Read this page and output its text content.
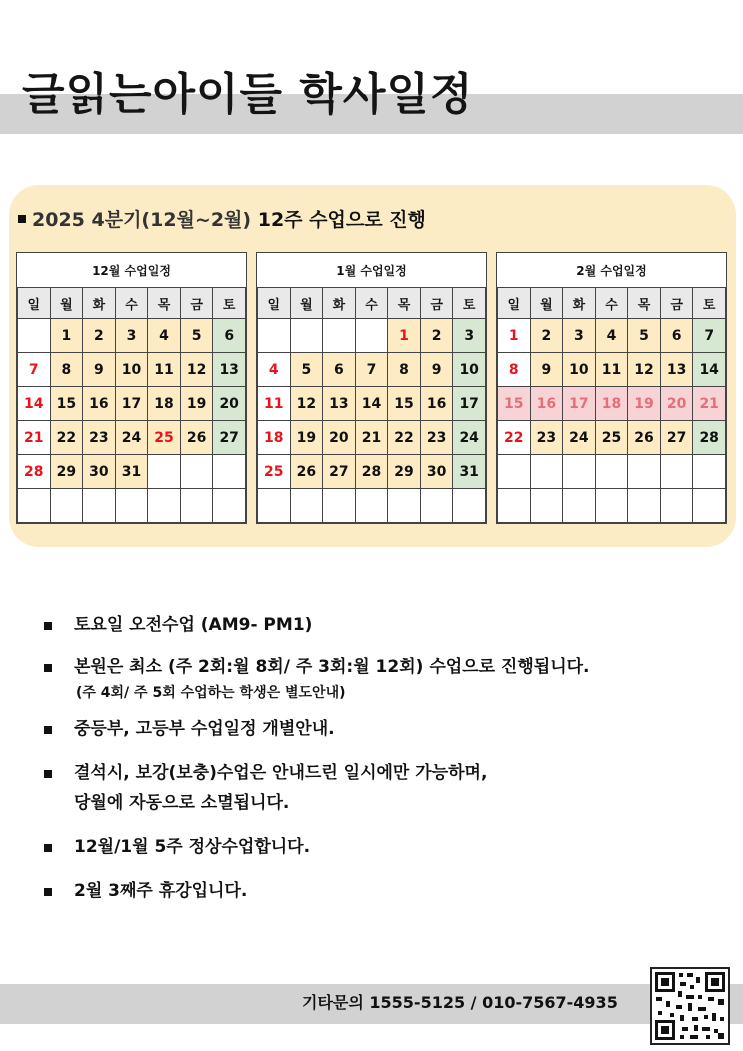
글읽는아이들 학사일정
2025 4분기(12월~2월) 12주 수업으로 진행
12월 수업일정						
일	월	화	수	목	금	토
	1	2	3	4	5	6
7	8	9	10	11	12	13
14	15	16	17	18	19	20
21	22	23	24	25	26	27
28	29	30	31			

1월 수업일정						
일	월	화	수	목	금	토
				1	2	3
4	5	6	7	8	9	10
11	12	13	14	15	16	17
18	19	20	21	22	23	24
25	26	27	28	29	30	31

2월 수업일정						
일	월	화	수	목	금	토
1	2	3	4	5	6	7
8	9	10	11	12	13	14
15	16	17	18	19	20	21
22	23	24	25	26	27	28

토요일 오전수업 (AM9- PM1)
본원은 최소 (주 2회:월 8회/ 주 3회:월 12회) 수업으로 진행됩니다.
(주 4회/ 주 5회 수업하는 학생은 별도안내)
중등부, 고등부 수업일정 개별안내.
결석시, 보강(보충)수업은 안내드린 일시에만 가능하며,
당월에 자동으로 소멸됩니다.
12월/1월 5주 정상수업합니다.
2월 3째주 휴강입니다.
기타문의 1555-5125 / 010-7567-4935
